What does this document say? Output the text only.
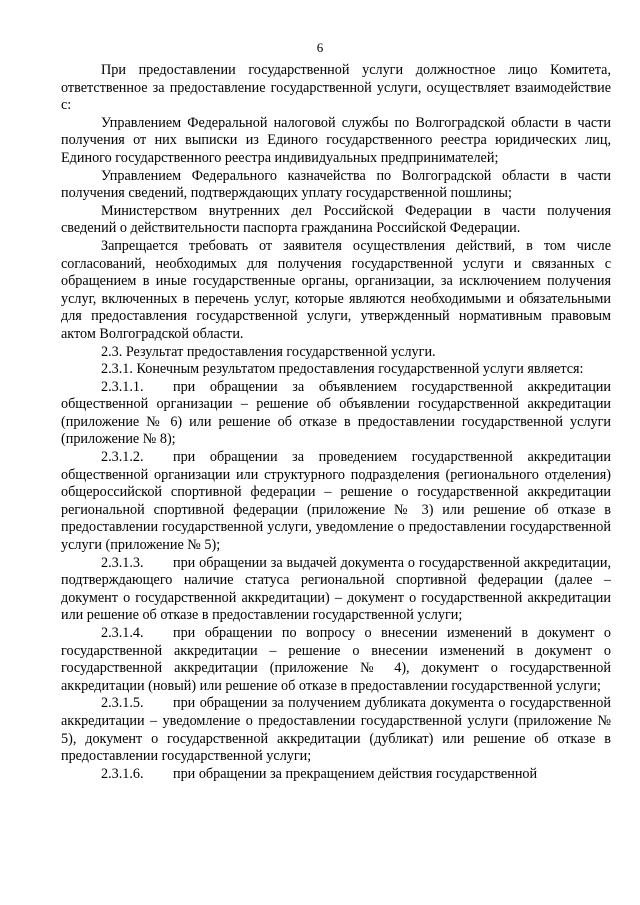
6

При предоставлении государственной услуги должностное лицо Комитета, ответственное за предоставление государственной услуги, осуществляет взаимодействие с:

Управлением Федеральной налоговой службы по Волгоградской области в части получения от них выписки из Единого государственного реестра юридических лиц, Единого государственного реестра индивидуальных предпринимателей;

Управлением Федерального казначейства по Волгоградской области в части получения сведений, подтверждающих уплату государственной пошлины;

Министерством внутренних дел Российской Федерации в части получения сведений о действительности паспорта гражданина Российской Федерации.

Запрещается требовать от заявителя осуществления действий, в том числе согласований, необходимых для получения государственной услуги и связанных с обращением в иные государственные органы, организации, за исключением получения услуг, включенных в перечень услуг, которые являются необходимыми и обязательными для предоставления государственной услуги, утвержденный нормативным правовым актом Волгоградской области.

2.3. Результат предоставления государственной услуги.

2.3.1. Конечным результатом предоставления государственной услуги является:

2.3.1.1. при обращении за объявлением государственной аккредитации общественной организации – решение об объявлении государственной аккредитации (приложение № 6) или решение об отказе в предоставлении государственной услуги (приложение № 8);

2.3.1.2. при обращении за проведением государственной аккредитации общественной организации или структурного подразделения (регионального отделения) общероссийской спортивной федерации – решение о государственной аккредитации региональной спортивной федерации (приложение № 3) или решение об отказе в предоставлении государственной услуги, уведомление о предоставлении государственной услуги (приложение № 5);

2.3.1.3. при обращении за выдачей документа о государственной аккредитации, подтверждающего наличие статуса региональной спортивной федерации (далее – документ о государственной аккредитации) – документ о государственной аккредитации или решение об отказе в предоставлении государственной услуги;

2.3.1.4. при обращении по вопросу о внесении изменений в документ о государственной аккредитации – решение о внесении изменений в документ о государственной аккредитации (приложение № 4), документ о государственной аккредитации (новый) или решение об отказе в предоставлении государственной услуги;

2.3.1.5. при обращении за получением дубликата документа о государственной аккредитации – уведомление о предоставлении государственной услуги (приложение № 5), документ о государственной аккредитации (дубликат) или решение об отказе в предоставлении государственной услуги;

2.3.1.6. при обращении за прекращением действия государственной
